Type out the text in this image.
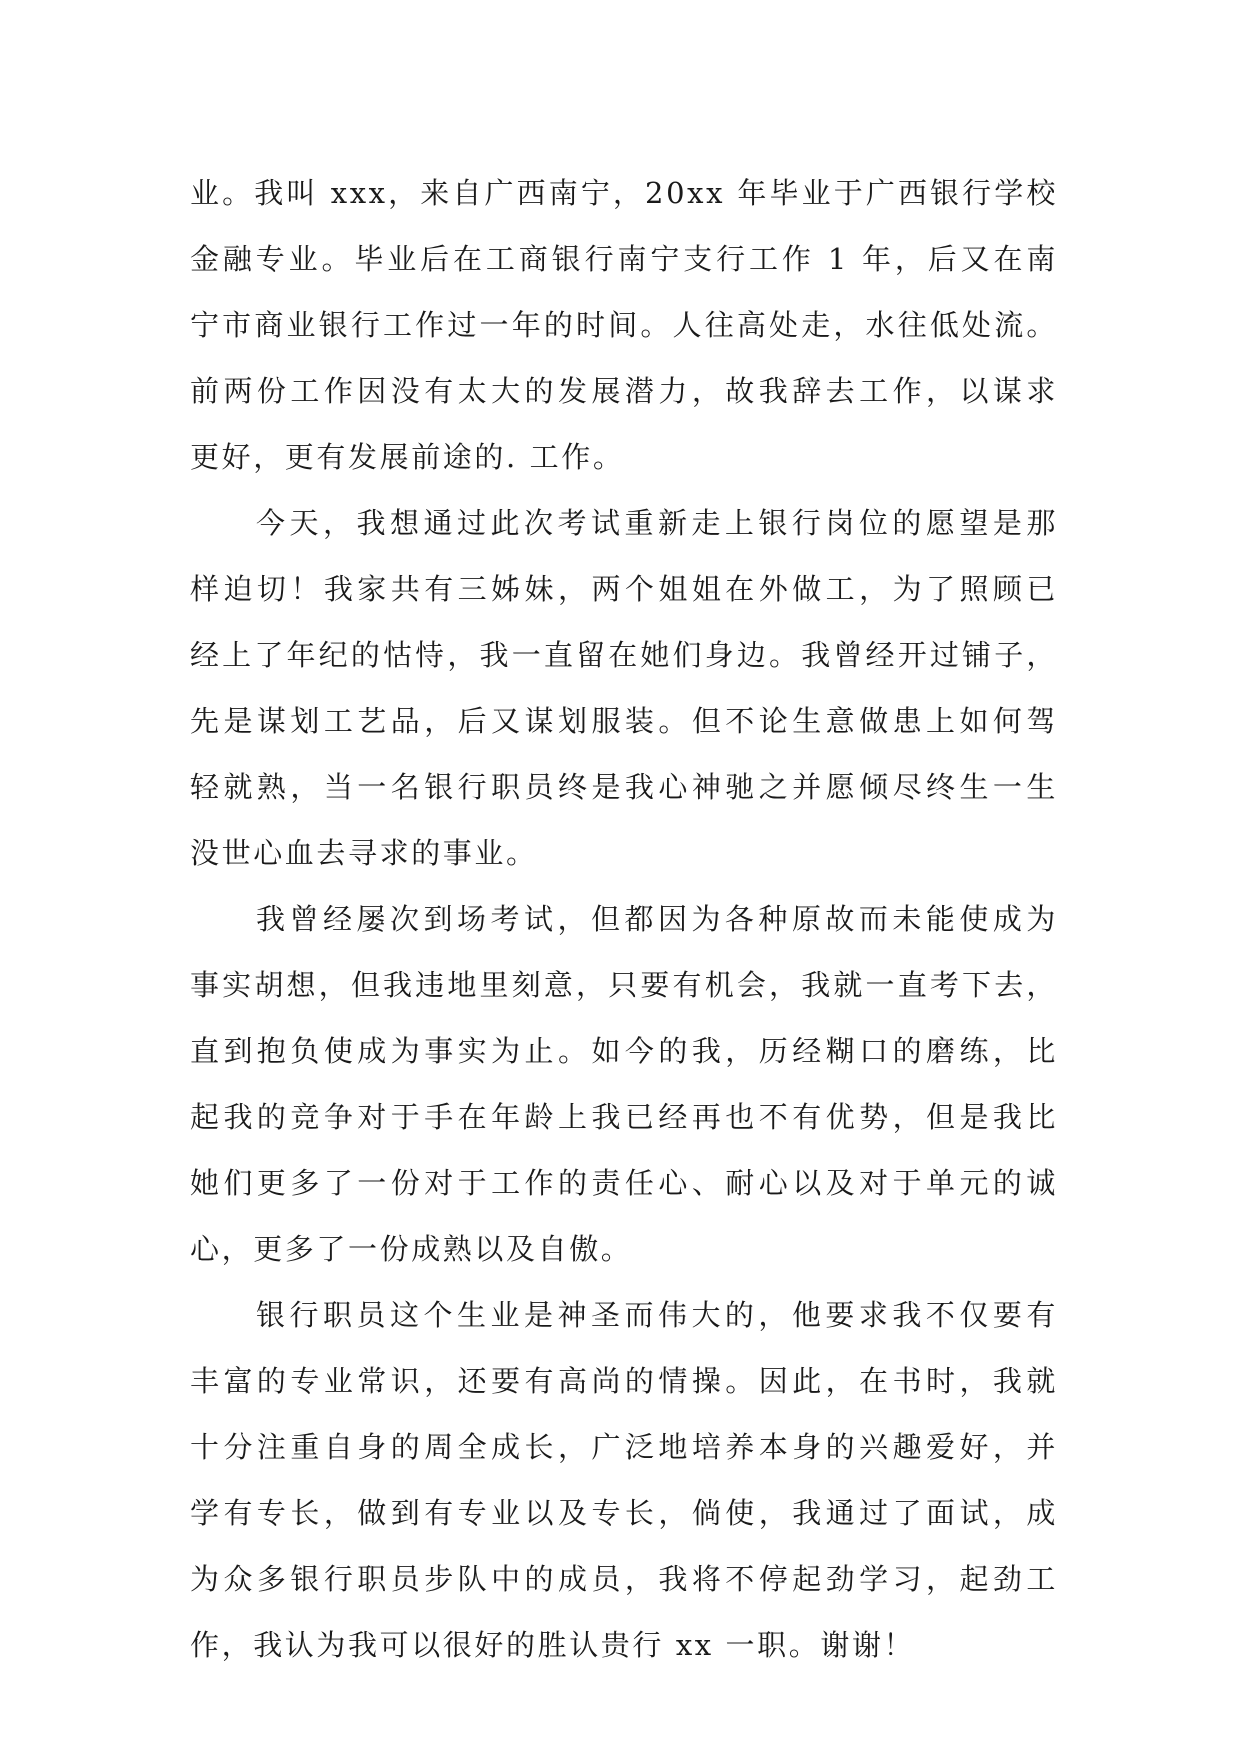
业。我叫 xxx，来自广西南宁，20xx 年毕业于广西银行学校
金融专业。毕业后在工商银行南宁支行工作 1 年，后又在南
宁市商业银行工作过一年的时间。人往高处走，水往低处流。
前两份工作因没有太大的发展潜力，故我辞去工作，以谋求
更好，更有发展前途的. 工作。
今天，我想通过此次考试重新走上银行岗位的愿望是那
样迫切！我家共有三姊妹，两个姐姐在外做工，为了照顾已
经上了年纪的怙恃，我一直留在她们身边。我曾经开过铺子，
先是谋划工艺品，后又谋划服装。但不论生意做患上如何驾
轻就熟，当一名银行职员终是我心神驰之并愿倾尽终生一生
没世心血去寻求的事业。
我曾经屡次到场考试，但都因为各种原故而未能使成为
事实胡想，但我违地里刻意，只要有机会，我就一直考下去，
直到抱负使成为事实为止。如今的我，历经糊口的磨练，比
起我的竞争对于手在年龄上我已经再也不有优势，但是我比
她们更多了一份对于工作的责任心、耐心以及对于单元的诚
心，更多了一份成熟以及自傲。
银行职员这个生业是神圣而伟大的，他要求我不仅要有
丰富的专业常识，还要有高尚的情操。因此，在书时，我就
十分注重自身的周全成长，广泛地培养本身的兴趣爱好，并
学有专长，做到有专业以及专长，倘使，我通过了面试，成
为众多银行职员步队中的成员，我将不停起劲学习，起劲工
作，我认为我可以很好的胜认贵行 xx 一职。谢谢！
